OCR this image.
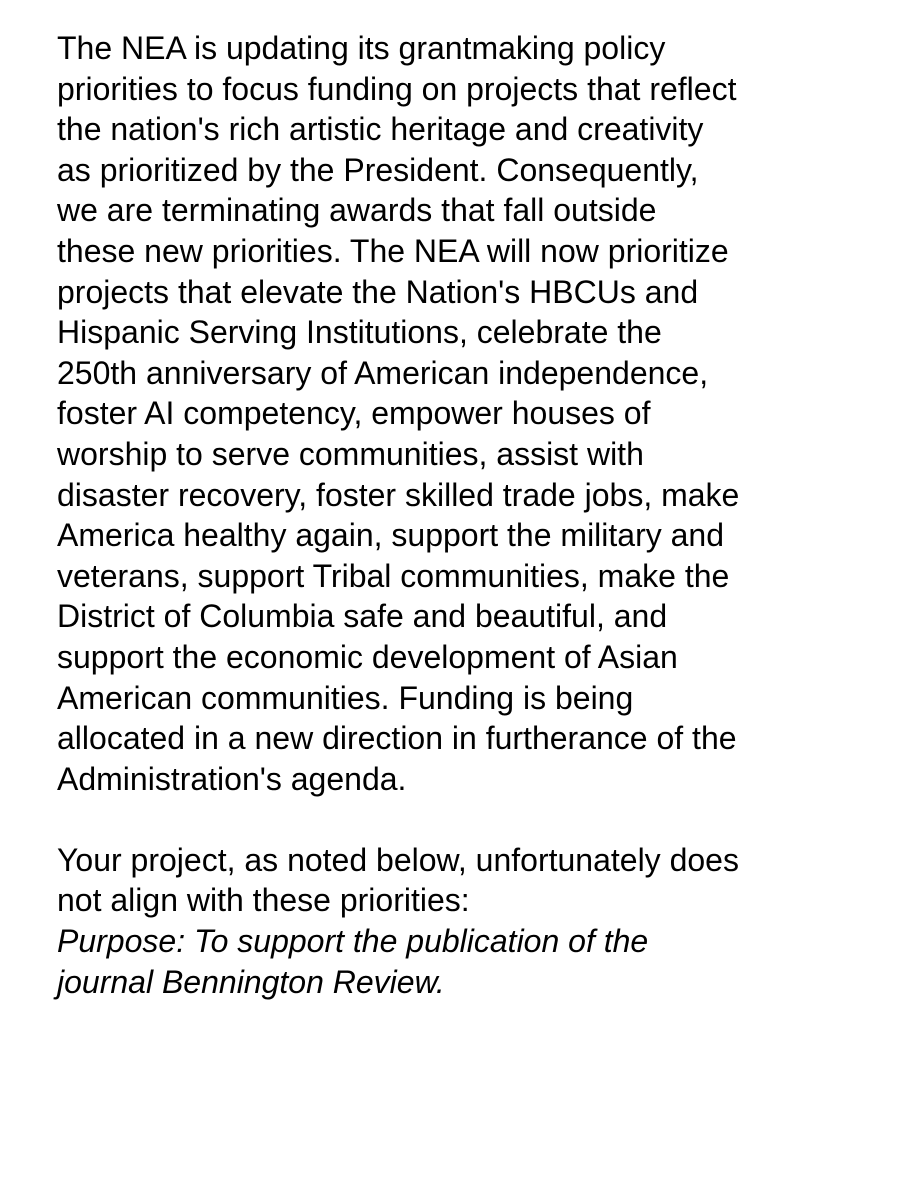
The NEA is updating its grantmaking policy
priorities to focus funding on projects that reflect
the nation's rich artistic heritage and creativity
as prioritized by the President. Consequently,
we are terminating awards that fall outside
these new priorities. The NEA will now prioritize
projects that elevate the Nation's HBCUs and
Hispanic Serving Institutions, celebrate the
250th anniversary of American independence,
foster AI competency, empower houses of
worship to serve communities, assist with
disaster recovery, foster skilled trade jobs, make
America healthy again, support the military and
veterans, support Tribal communities, make the
District of Columbia safe and beautiful, and
support the economic development of Asian
American communities. Funding is being
allocated in a new direction in furtherance of the
Administration's agenda.
Your project, as noted below, unfortunately does
not align with these priorities:
Purpose: To support the publication of the
journal Bennington Review.
